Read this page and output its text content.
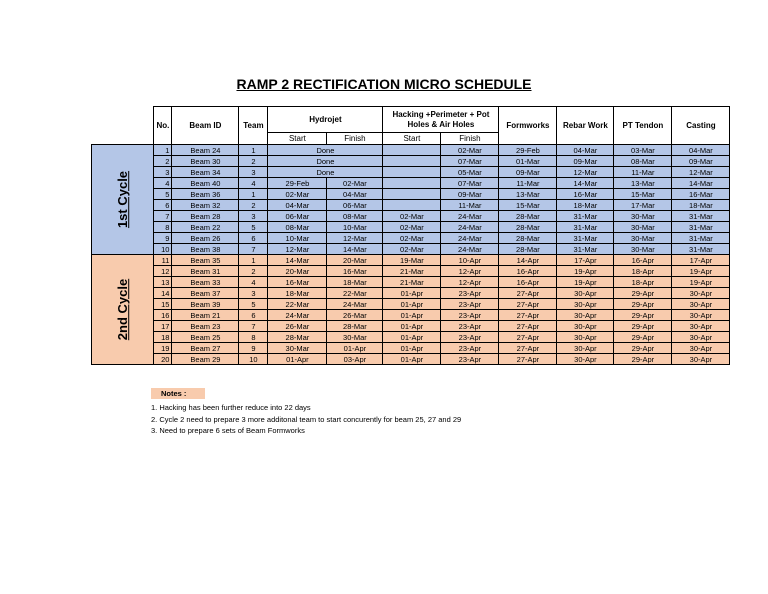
RAMP 2 RECTIFICATION MICRO SCHEDULE
	No.	Beam ID	Team	Hydrojet		Hacking +Perimeter + Pot Holes & Air Holes		Formworks	Rebar Work	PT Tendon	Casting
				Start	Finish	Start	Finish				

1st Cycle	1	Beam 24	1	Done			02-Mar	29-Feb	04-Mar	03-Mar	04-Mar
	2	Beam 30	2	Done			07-Mar	01-Mar	09-Mar	08-Mar	09-Mar
	3	Beam 34	3	Done			05-Mar	09-Mar	12-Mar	11-Mar	12-Mar
	4	Beam 40	4	29-Feb	02-Mar		07-Mar	11-Mar	14-Mar	13-Mar	14-Mar
	5	Beam 36	1	02-Mar	04-Mar		09-Mar	13-Mar	16-Mar	15-Mar	16-Mar
	6	Beam 32	2	04-Mar	06-Mar		11-Mar	15-Mar	18-Mar	17-Mar	18-Mar
	7	Beam 28	3	06-Mar	08-Mar	02-Mar	24-Mar	28-Mar	31-Mar	30-Mar	31-Mar
	8	Beam 22	5	08-Mar	10-Mar	02-Mar	24-Mar	28-Mar	31-Mar	30-Mar	31-Mar
	9	Beam 26	6	10-Mar	12-Mar	02-Mar	24-Mar	28-Mar	31-Mar	30-Mar	31-Mar
	10	Beam 38	7	12-Mar	14-Mar	02-Mar	24-Mar	28-Mar	31-Mar	30-Mar	31-Mar

2nd Cycle	11	Beam 35	1	14-Mar	20-Mar	19-Mar	10-Apr	14-Apr	17-Apr	16-Apr	17-Apr
	12	Beam 31	2	20-Mar	16-Mar	21-Mar	12-Apr	16-Apr	19-Apr	18-Apr	19-Apr
	13	Beam 33	4	16-Mar	18-Mar	21-Mar	12-Apr	16-Apr	19-Apr	18-Apr	19-Apr
	14	Beam 37	3	18-Mar	22-Mar	01-Apr	23-Apr	27-Apr	30-Apr	29-Apr	30-Apr
	15	Beam 39	5	22-Mar	24-Mar	01-Apr	23-Apr	27-Apr	30-Apr	29-Apr	30-Apr
	16	Beam 21	6	24-Mar	26-Mar	01-Apr	23-Apr	27-Apr	30-Apr	29-Apr	30-Apr
	17	Beam 23	7	26-Mar	28-Mar	01-Apr	23-Apr	27-Apr	30-Apr	29-Apr	30-Apr
	18	Beam 25	8	28-Mar	30-Mar	01-Apr	23-Apr	27-Apr	30-Apr	29-Apr	30-Apr
	19	Beam 27	9	30-Mar	01-Apr	01-Apr	23-Apr	27-Apr	30-Apr	29-Apr	30-Apr
	20	Beam 29	10	01-Apr	03-Apr	01-Apr	23-Apr	27-Apr	30-Apr	29-Apr	30-Apr
Notes :
1. Hacking has been further reduce into 22 days
2. Cycle 2 need to prepare 3 more additonal team to start concurently for beam 25, 27 and 29
3. Need to prepare 6 sets of Beam Formworks
